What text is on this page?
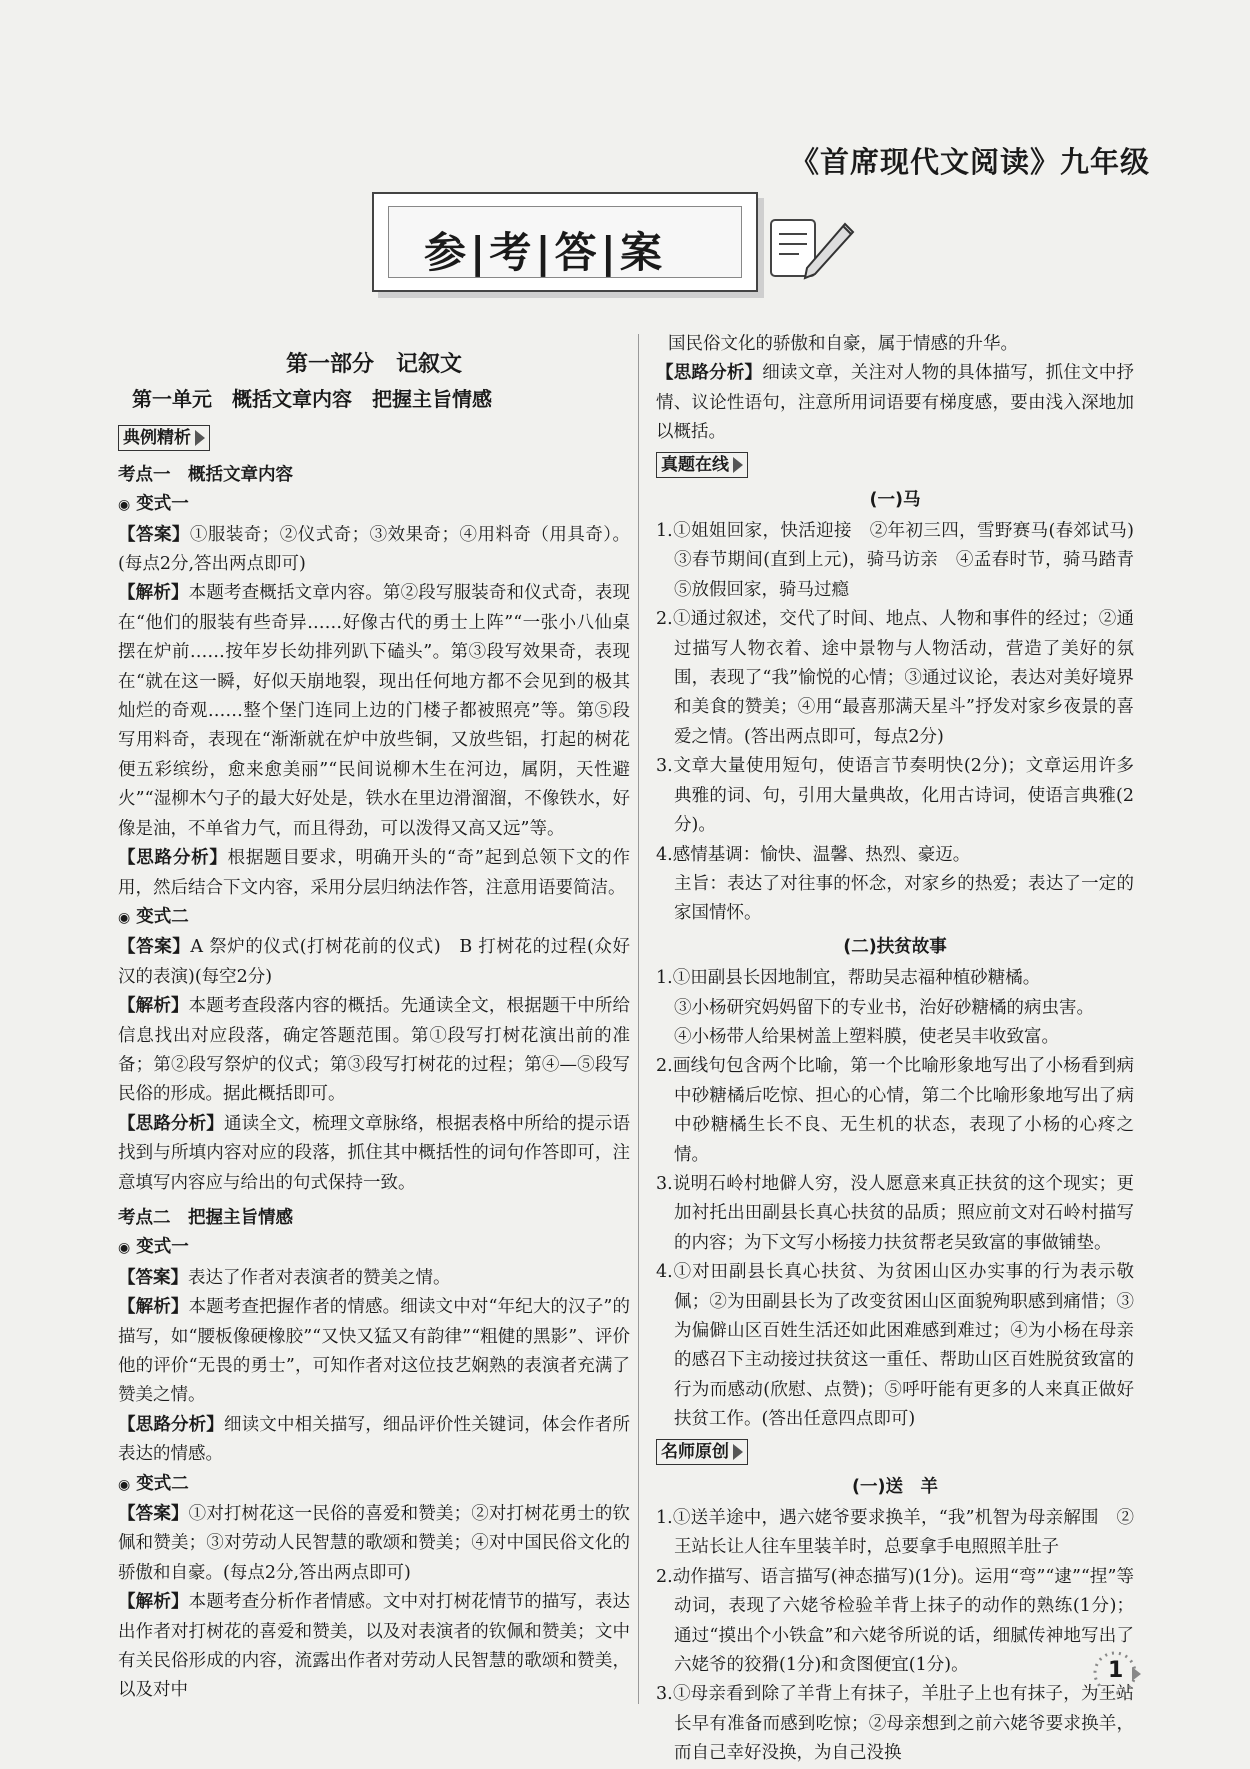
《首席现代文阅读》九年级
参|考|答|案
第一部分　记叙文
第一单元　概括文章内容　把握主旨情感
典例精析
考点一　概括文章内容
◉ 变式一

【答案】①服装奇；②仪式奇；③效果奇；④用料奇（用具奇）。(每点2分,答出两点即可)

【解析】本题考查概括文章内容。第②段写服装奇和仪式奇，表现在“他们的服装有些奇异……好像古代的勇士上阵”“一张小八仙桌摆在炉前……按年岁长幼排列趴下磕头”。第③段写效果奇，表现在“就在这一瞬，好似天崩地裂，现出任何地方都不会见到的极其灿烂的奇观……整个堡门连同上边的门楼子都被照亮”等。第⑤段写用料奇，表现在“渐渐就在炉中放些铜，又放些铝，打起的树花便五彩缤纷，愈来愈美丽”“民间说柳木生在河边，属阴，天性避火”“湿柳木勺子的最大好处是，铁水在里边滑溜溜，不像铁水，好像是油，不单省力气，而且得劲，可以泼得又高又远”等。

【思路分析】根据题目要求，明确开头的“奇”起到总领下文的作用，然后结合下文内容，采用分层归纳法作答，注意用语要简洁。

◉ 变式二

【答案】A 祭炉的仪式(打树花前的仪式)　B 打树花的过程(众好汉的表演)(每空2分)

【解析】本题考查段落内容的概括。先通读全文，根据题干中所给信息找出对应段落，确定答题范围。第①段写打树花演出前的准备；第②段写祭炉的仪式；第③段写打树花的过程；第④—⑤段写民俗的形成。据此概括即可。

【思路分析】通读全文，梳理文章脉络，根据表格中所给的提示语找到与所填内容对应的段落，抓住其中概括性的词句作答即可，注意填写内容应与给出的句式保持一致。

考点二　把握主旨情感
◉ 变式一

【答案】表达了作者对表演者的赞美之情。

【解析】本题考查把握作者的情感。细读文中对“年纪大的汉子”的描写，如“腰板像硬橡胶”“又快又猛又有韵律”“粗健的黑影”、评价他的评价“无畏的勇士”，可知作者对这位技艺娴熟的表演者充满了赞美之情。

【思路分析】细读文中相关描写，细品评价性关键词，体会作者所表达的情感。

◉ 变式二

【答案】①对打树花这一民俗的喜爱和赞美；②对打树花勇士的钦佩和赞美；③对劳动人民智慧的歌颂和赞美；④对中国民俗文化的骄傲和自豪。(每点2分,答出两点即可)

【解析】本题考查分析作者情感。文中对打树花情节的描写，表达出作者对打树花的喜爱和赞美，以及对表演者的钦佩和赞美；文中有关民俗形成的内容，流露出作者对劳动人民智慧的歌颂和赞美，以及对中

国民俗文化的骄傲和自豪，属于情感的升华。

【思路分析】细读文章，关注对人物的具体描写，抓住文中抒情、议论性语句，注意所用词语要有梯度感，要由浅入深地加以概括。

真题在线
(一)马

1.①姐姐回家，快活迎接　②年初三四，雪野赛马(春郊试马)　③春节期间(直到上元)，骑马访亲　④孟春时节，骑马踏青　⑤放假回家，骑马过瘾

2.①通过叙述，交代了时间、地点、人物和事件的经过；②通过描写人物衣着、途中景物与人物活动，营造了美好的氛围，表现了“我”愉悦的心情；③通过议论，表达对美好境界和美食的赞美；④用“最喜那满天星斗”抒发对家乡夜景的喜爱之情。(答出两点即可，每点2分)

3.文章大量使用短句，使语言节奏明快(2分)；文章运用许多典雅的词、句，引用大量典故，化用古诗词，使语言典雅(2分)。

4.感情基调：愉快、温馨、热烈、豪迈。

主旨：表达了对往事的怀念，对家乡的热爱；表达了一定的家国情怀。

(二)扶贫故事

1.①田副县长因地制宜，帮助吴志福种植砂糖橘。

③小杨研究妈妈留下的专业书，治好砂糖橘的病虫害。

④小杨带人给果树盖上塑料膜，使老吴丰收致富。

2.画线句包含两个比喻，第一个比喻形象地写出了小杨看到病中砂糖橘后吃惊、担心的心情，第二个比喻形象地写出了病中砂糖橘生长不良、无生机的状态，表现了小杨的心疼之情。

3.说明石岭村地僻人穷，没人愿意来真正扶贫的这个现实；更加衬托出田副县长真心扶贫的品质；照应前文对石岭村描写的内容；为下文写小杨接力扶贫帮老吴致富的事做铺垫。

4.①对田副县长真心扶贫、为贫困山区办实事的行为表示敬佩；②为田副县长为了改变贫困山区面貌殉职感到痛惜；③为偏僻山区百姓生活还如此困难感到难过；④为小杨在母亲的感召下主动接过扶贫这一重任、帮助山区百姓脱贫致富的行为而感动(欣慰、点赞)；⑤呼吁能有更多的人来真正做好扶贫工作。(答出任意四点即可)

名师原创
(一)送　羊

1.①送羊途中，遇六姥爷要求换羊，“我”机智为母亲解围　②王站长让人往车里装羊时，总要拿手电照照羊肚子

2.动作描写、语言描写(神态描写)(1分)。运用“弯”“逮”“捏”等动词，表现了六姥爷检验羊背上抹子的动作的熟练(1分)；通过“摸出个小铁盒”和六姥爷所说的话，细腻传神地写出了六姥爷的狡猾(1分)和贪图便宜(1分)。

3.①母亲看到除了羊背上有抹子，羊肚子上也有抹子，为王站长早有准备而感到吃惊；②母亲想到之前六姥爷要求换羊，而自己幸好没换，为自己没换

1
